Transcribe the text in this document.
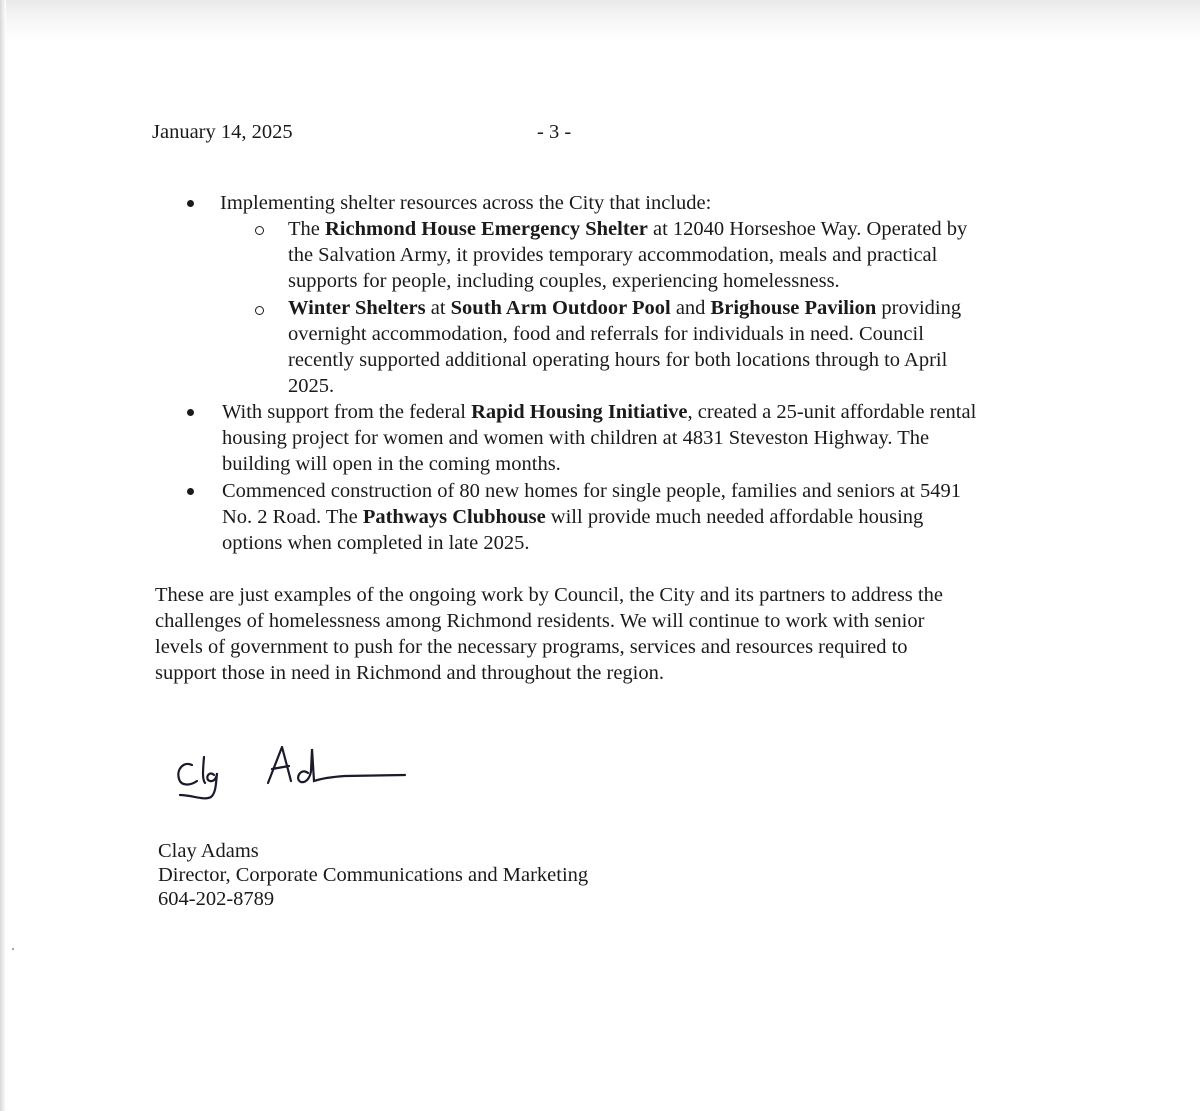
January 14, 2025	- 3 -
Implementing shelter resources across the City that include:
The Richmond House Emergency Shelter at 12040 Horseshoe Way. Operated by
the Salvation Army, it provides temporary accommodation, meals and practical
supports for people, including couples, experiencing homelessness.
Winter Shelters at South Arm Outdoor Pool and Brighouse Pavilion providing
overnight accommodation, food and referrals for individuals in need. Council
recently supported additional operating hours for both locations through to April
2025.
With support from the federal Rapid Housing Initiative, created a 25-unit affordable rental
housing project for women and women with children at 4831 Steveston Highway. The
building will open in the coming months.
Commenced construction of 80 new homes for single people, families and seniors at 5491
No. 2 Road. The Pathways Clubhouse will provide much needed affordable housing
options when completed in late 2025.
These are just examples of the ongoing work by Council, the City and its partners to address the
challenges of homelessness among Richmond residents. We will continue to work with senior
levels of government to push for the necessary programs, services and resources required to
support those in need in Richmond and throughout the region.
Clay Adams
Director, Corporate Communications and Marketing
604-202-8789
